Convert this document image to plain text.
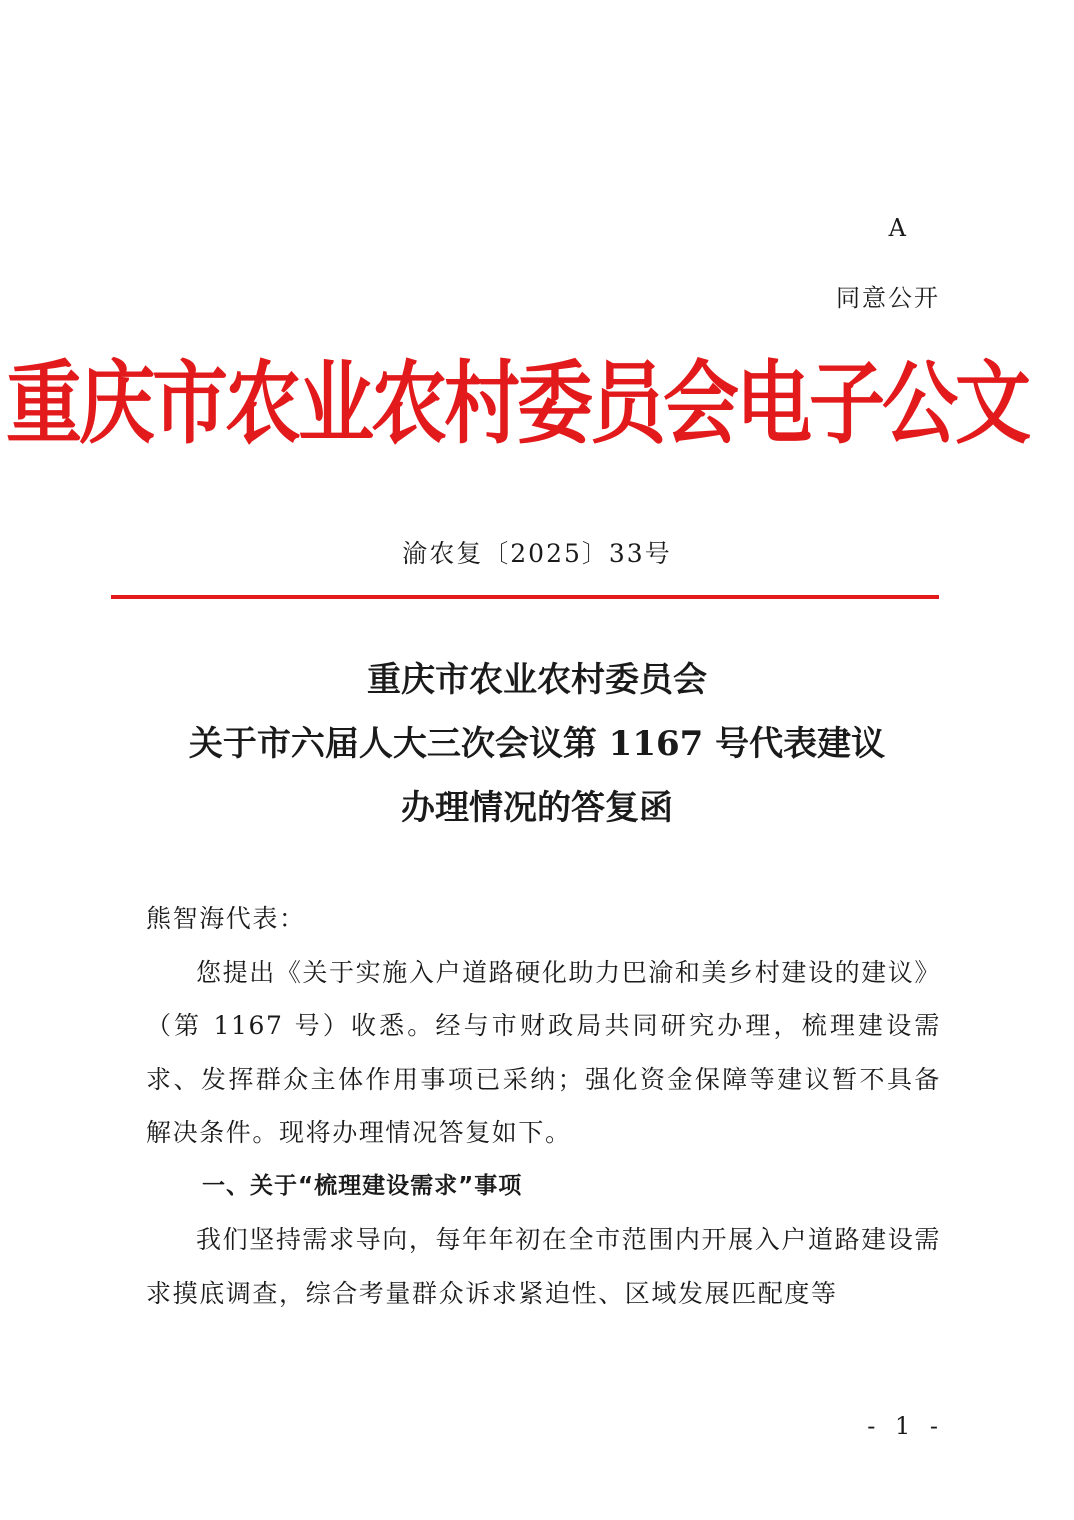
A
同意公开
重庆市农业农村委员会电子公文
渝农复〔2025〕33号
重庆市农业农村委员会
关于市六届人大三次会议第 1167 号代表建议
办理情况的答复函
熊智海代表：
您提出《关于实施入户道路硬化助力巴渝和美乡村建设的建议》（第 1167 号）收悉。经与市财政局共同研究办理，梳理建设需求、发挥群众主体作用事项已采纳；强化资金保障等建议暂不具备解决条件。现将办理情况答复如下。
一、关于“梳理建设需求”事项
我们坚持需求导向，每年年初在全市范围内开展入户道路建设需求摸底调查，综合考量群众诉求紧迫性、区域发展匹配度等
- 1 -
